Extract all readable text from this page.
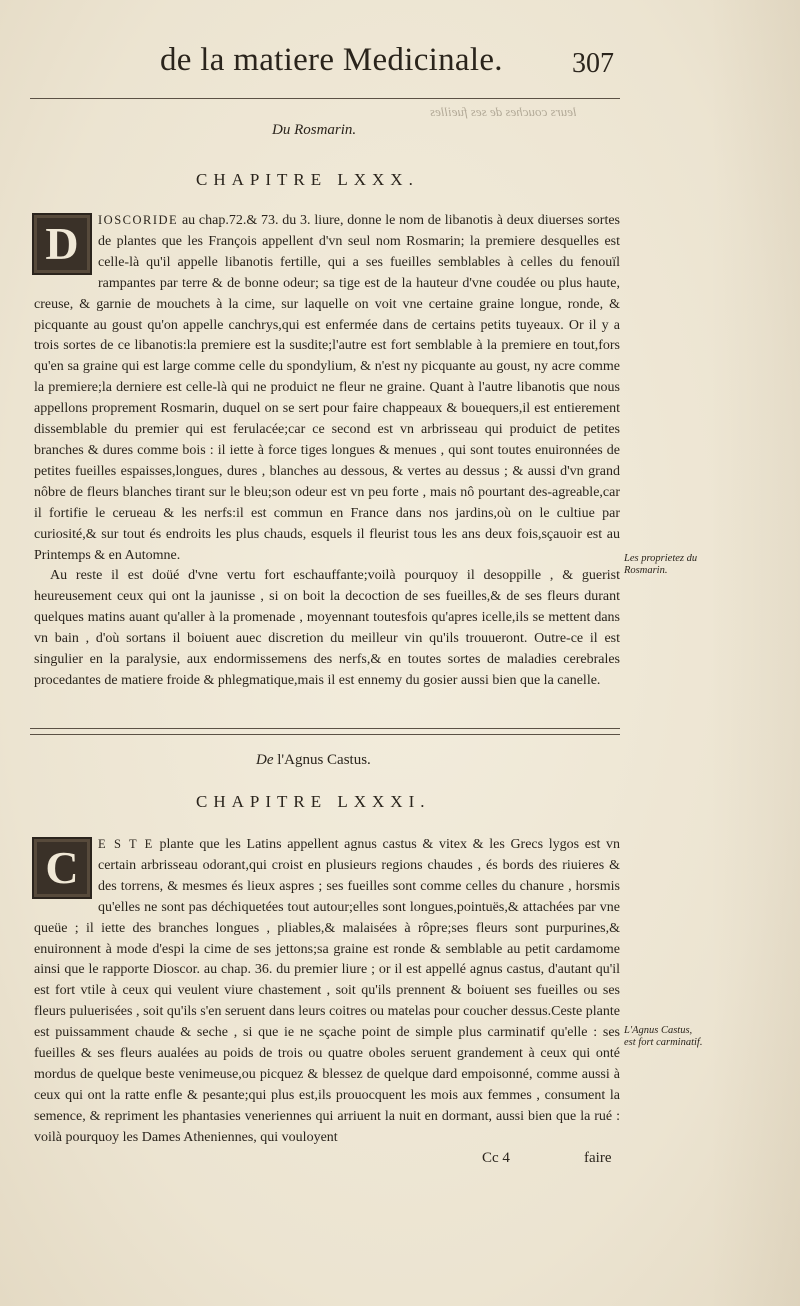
de la matiere Medicinale. 307
leurs couches de ses fueilles
Du Rosmarin.
CHAPITRE LXXX.

D	IOSCORIDE au chap.72.& 73. du 3. liure, donne le nom de libanotis à deux diuerses sortes de plantes que les François appellent d'vn seul nom Rosmarin; la premiere desquelles est celle-là qu'il appelle libanotis fertille, qui a ses fueilles semblables à celles du fenouïl rampantes par terre & de bonne odeur; sa tige est de la hauteur d'vne coudée ou plus haute, creuse, & garnie de mouchets à la cime, sur laquelle on voit vne certaine graine longue, ronde, & picquante au goust qu'on appelle canchrys,qui est enfermée dans de certains petits tuyeaux. Or il y a trois sortes de ce libanotis:la premiere est la susdite;l'autre est fort semblable à la premiere en tout,fors qu'en sa graine qui est large comme celle du spondylium, & n'est ny picquante au goust, ny acre comme la premiere;la derniere est celle-là qui ne produict ne fleur ne graine. Quant à l'autre libanotis que nous appellons proprement Rosmarin, duquel on se sert pour faire chappeaux & bouequers,il est entierement dissemblable du premier qui est ferulacée;car ce second est vn arbrisseau qui produict de petites branches & dures comme bois : il iette à force tiges longues & menues , qui sont toutes enuironnées de petites fueilles espaisses,longues, dures , blanches au dessous, & vertes au dessus ; & aussi d'vn grand nôbre de fleurs blanches tirant sur le bleu;son odeur est vn peu forte , mais nô pourtant des-agreable,car il fortifie le cerueau & les nerfs:il est commun en France dans nos jardins,où on le cultiue par curiosité,& sur tout és endroits les plus chauds, esquels il fleurist tous les ans deux fois,sçauoir est au Printemps & en Automne.

Au reste il est doüé d'vne vertu fort eschauffante;voilà pourquoy il desoppille , & guerist heureusement ceux qui ont la jaunisse , si on boit la decoction de ses fueilles,& de ses fleurs durant quelques matins auant qu'aller à la promenade , moyennant toutesfois qu'apres icelle,ils se mettent dans vn bain , d'où sortans il boiuent auec discretion du meilleur vin qu'ils trouueront. Outre-ce il est singulier en la paralysie, aux endormissemens des nerfs,& en toutes sortes de maladies cerebrales procedantes de matiere froide & phlegmatique,mais il est ennemy du gosier aussi bien que la canelle.

Les proprietez du Rosmarin.
De l'Agnus Castus.
CHAPITRE LXXXI.

C	E S T E plante que les Latins appellent agnus castus & vitex & les Grecs lygos est vn certain arbrisseau odorant,qui croist en plusieurs regions chaudes , és bords des riuieres & des torrens, & mesmes és lieux aspres ; ses fueilles sont comme celles du chanure , horsmis qu'elles ne sont pas déchiquetées tout autour;elles sont longues,pointuës,& attachées par vne queüe ; il iette des branches longues , pliables,& malaisées à rôpre;ses fleurs sont purpurines,& enuironnent à mode d'espi la cime de ses jettons;sa graine est ronde & semblable au petit cardamome ainsi que le rapporte Dioscor. au chap. 36. du premier liure ; or il est appellé agnus castus, d'autant qu'il est fort vtile à ceux qui veulent viure chastement , soit qu'ils prennent & boiuent ses fueilles ou ses fleurs puluerisées , soit qu'ils s'en seruent dans leurs coitres ou matelas pour coucher dessus.Ceste plante est puissamment chaude & seche , si que ie ne sçache point de simple plus carminatif qu'elle : ses fueilles & ses fleurs aualées au poids de trois ou quatre oboles seruent grandement à ceux qui onté mordus de quelque beste venimeuse,ou picquez & blessez de quelque dard empoisonné, comme aussi à ceux qui ont la ratte enfle & pesante;qui plus est,ils prouocquent les mois aux femmes , consument la semence, & repriment les phantasies veneriennes qui arriuent la nuit en dormant, aussi bien que la rué : voilà pourquoy les Dames Atheniennes, qui vouloyent

L'Agnus Castus, est fort carminatif.
Cc 4	faire
